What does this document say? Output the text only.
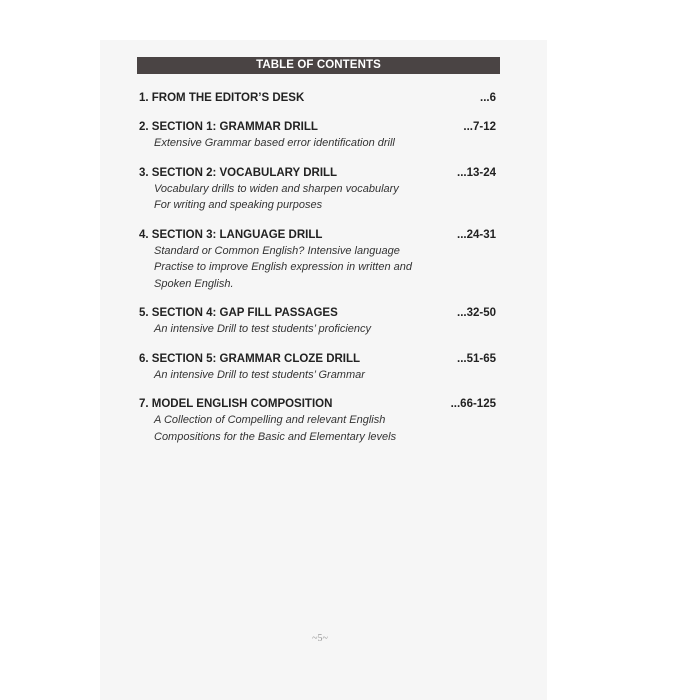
TABLE OF CONTENTS
1. FROM THE EDITOR’S DESK	...6
2. SECTION 1: GRAMMAR DRILL	...7-12

Extensive Grammar based error identification drill

3. SECTION 2: VOCABULARY DRILL	...13-24

Vocabulary drills to widen and sharpen vocabulary
For writing and speaking purposes

4. SECTION 3: LANGUAGE DRILL	...24-31

Standard or Common English? Intensive language
Practise to improve English expression in written and
Spoken English.

5. SECTION 4: GAP FILL PASSAGES	...32-50

An intensive Drill to test students’ proficiency

6. SECTION 5: GRAMMAR CLOZE DRILL	...51-65

An intensive Drill to test students’ Grammar

7. MODEL ENGLISH COMPOSITION	...66-125

A Collection of Compelling and relevant English
Compositions for the Basic and Elementary levels

~5~
